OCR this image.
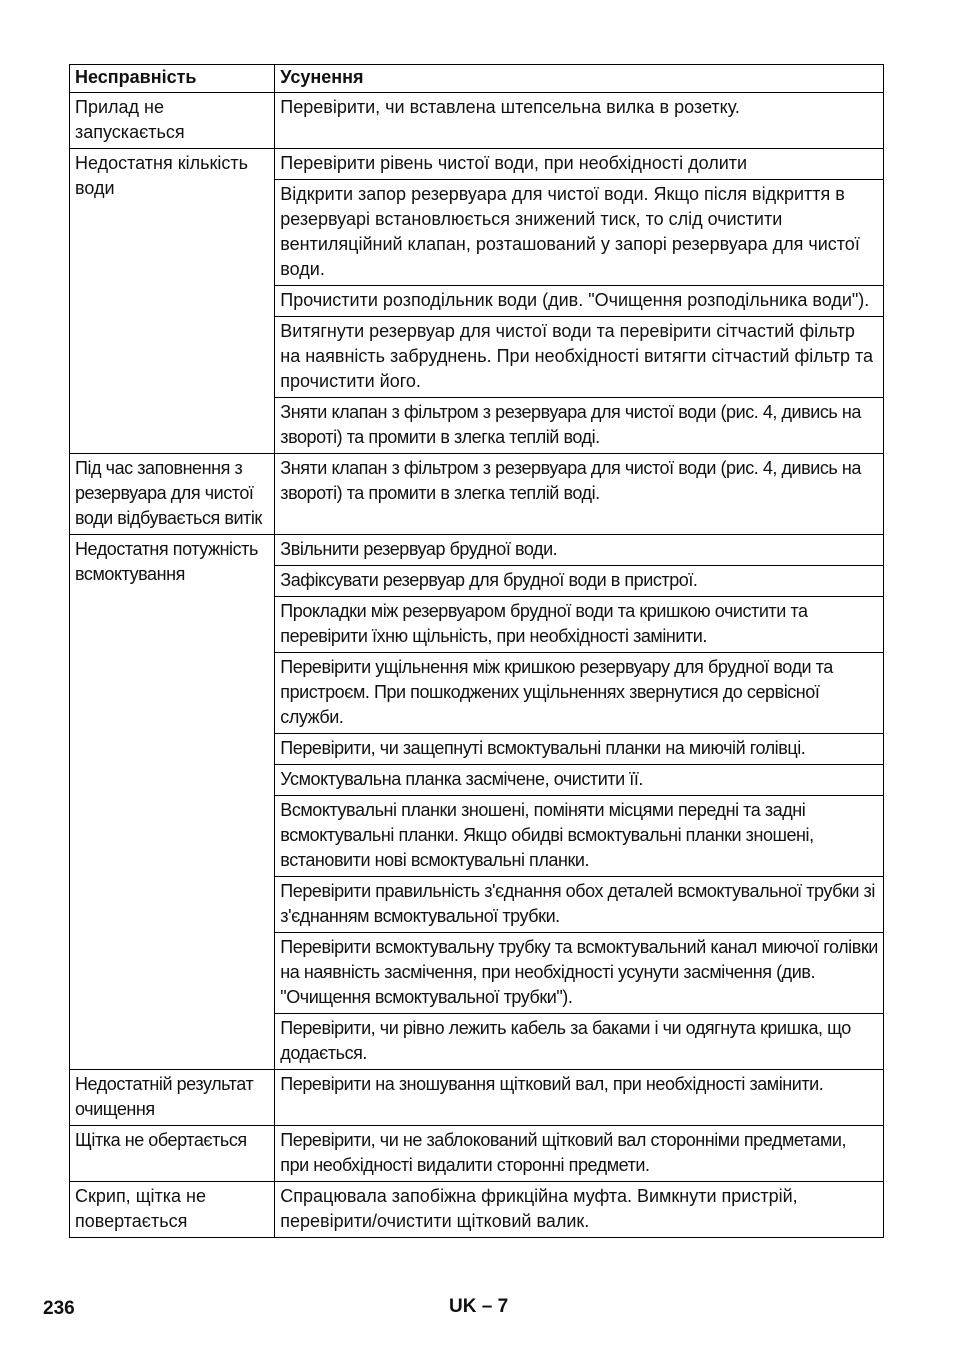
Несправність	Усунення
Прилад не запускається	Перевірити, чи вставлена штепсельна вилка в розетку.
Недостатня кількість води	Перевірити рівень чистої води, при необхідності долити
	Відкрити запор резервуара для чистої води. Якщо після відкриття в резервуарі встановлюється знижений тиск, то слід очистити вентиляційний клапан, розташований у запорі резервуара для чистої води.
	Прочистити розподільник води (див. "Очищення розподільника води").
	Витягнути резервуар для чистої води та перевірити сітчастий фільтр на наявність забруднень. При необхідності витягти сітчастий фільтр та прочистити його.
	Зняти клапан з фільтром з резервуара для чистої води (рис. 4, дивись на звороті) та промити в злегка теплій воді.
Під час заповнення з резервуара для чистої води відбувається витік	Зняти клапан з фільтром з резервуара для чистої води (рис. 4, дивись на звороті) та промити в злегка теплій воді.
Недостатня потужність всмоктування	Звільнити резервуар брудної води.
	Зафіксувати резервуар для брудної води в пристрої.
	Прокладки між резервуаром брудної води та кришкою очистити та перевірити їхню щільність, при необхідності замінити.
	Перевірити ущільнення між кришкою резервуару для брудної води та пристроєм. При пошкоджених ущільненнях звернутися до сервісної служби.
	Перевірити, чи защепнуті всмоктувальні планки на миючій голівці.
	Усмоктувальна планка засмічене, очистити її.
	Всмоктувальні планки зношені, поміняти місцями передні та задні всмоктувальні планки. Якщо обидві всмоктувальні планки зношені, встановити нові всмоктувальні планки.
	Перевірити правильність з'єднання обох деталей всмоктувальної трубки зі з'єднанням всмоктувальної трубки.
	Перевірити всмоктувальну трубку та всмоктувальний канал миючої голівки на наявність засмічення, при необхідності усунути засмічення (див. "Очищення всмоктувальної трубки").
	Перевірити, чи рівно лежить кабель за баками і чи одягнута кришка, що додається.
Недостатній результат очищення	Перевірити на зношування щітковий вал, при необхідності замінити.
Щітка не обертається	Перевірити, чи не заблокований щітковий вал сторонніми предметами, при необхідності видалити сторонні предмети.
Скрип, щітка не повертається	Спрацювала запобіжна фрикційна муфта. Вимкнути пристрій, перевірити/очистити щітковий валик.
236	UK – 7
